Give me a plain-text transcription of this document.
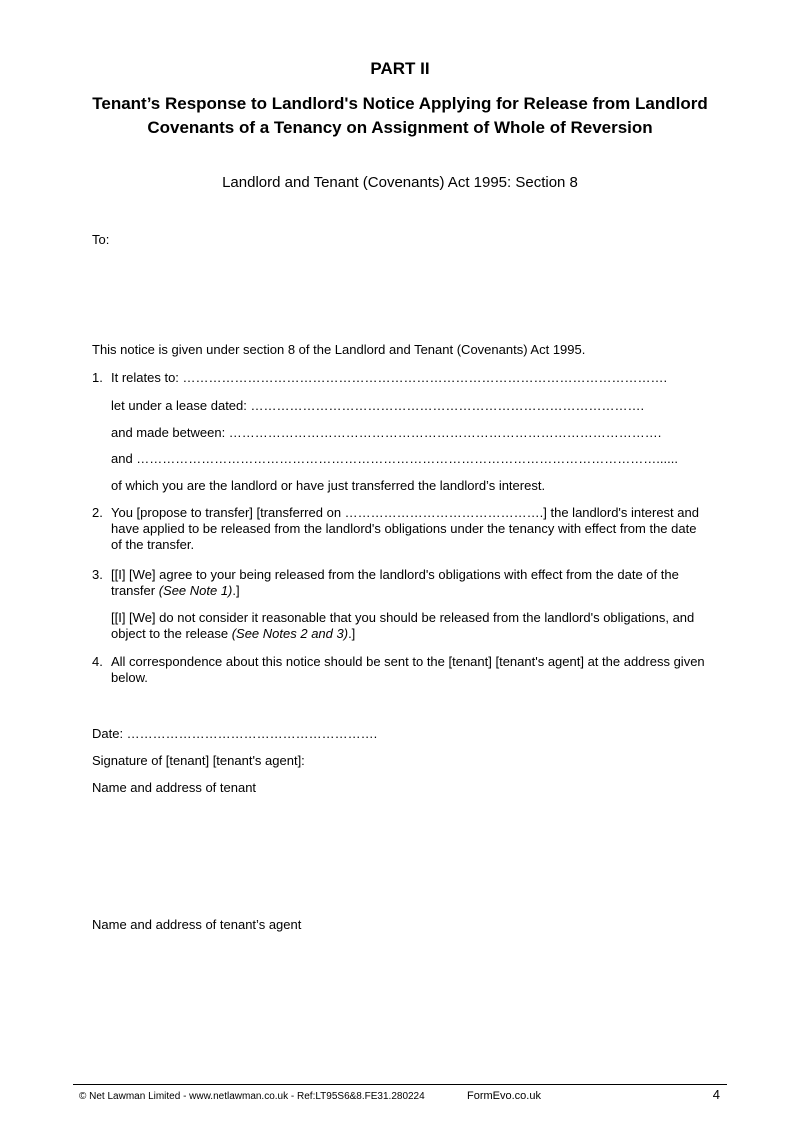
PART II
Tenant’s Response to Landlord's Notice Applying for Release from Landlord Covenants of a Tenancy on Assignment of Whole of Reversion
Landlord and Tenant (Covenants) Act 1995: Section 8
To:
This notice is given under section 8 of the Landlord and Tenant (Covenants) Act 1995.
1. It relates to: ………………………………………………………………………………………………….
let under a lease dated: ……………………………………………………………………………….
and made between: ……………………………………………………………………………………….
and …………………………………………………………………………………………………………......
of which you are the landlord or have just transferred the landlord’s interest.
2. You [propose to transfer] [transferred on ……………………………………….] the landlord's interest and have applied to be released from the landlord's obligations under the tenancy with effect from the date of the transfer.
3. [[I] [We] agree to your being released from the landlord's obligations with effect from the date of the transfer (See Note 1).]
[[I] [We] do not consider it reasonable that you should be released from the landlord's obligations, and object to the release (See Notes 2 and 3).]
4. All correspondence about this notice should be sent to the [tenant] [tenant's agent] at the address given below.
Date: ………………………………………………….
Signature of [tenant] [tenant's agent]:
Name and address of tenant
Name and address of tenant’s agent
© Net Lawman Limited - www.netlawman.co.uk - Ref:LT95S6&8.FE31.280224	FormEvo.co.uk	4
